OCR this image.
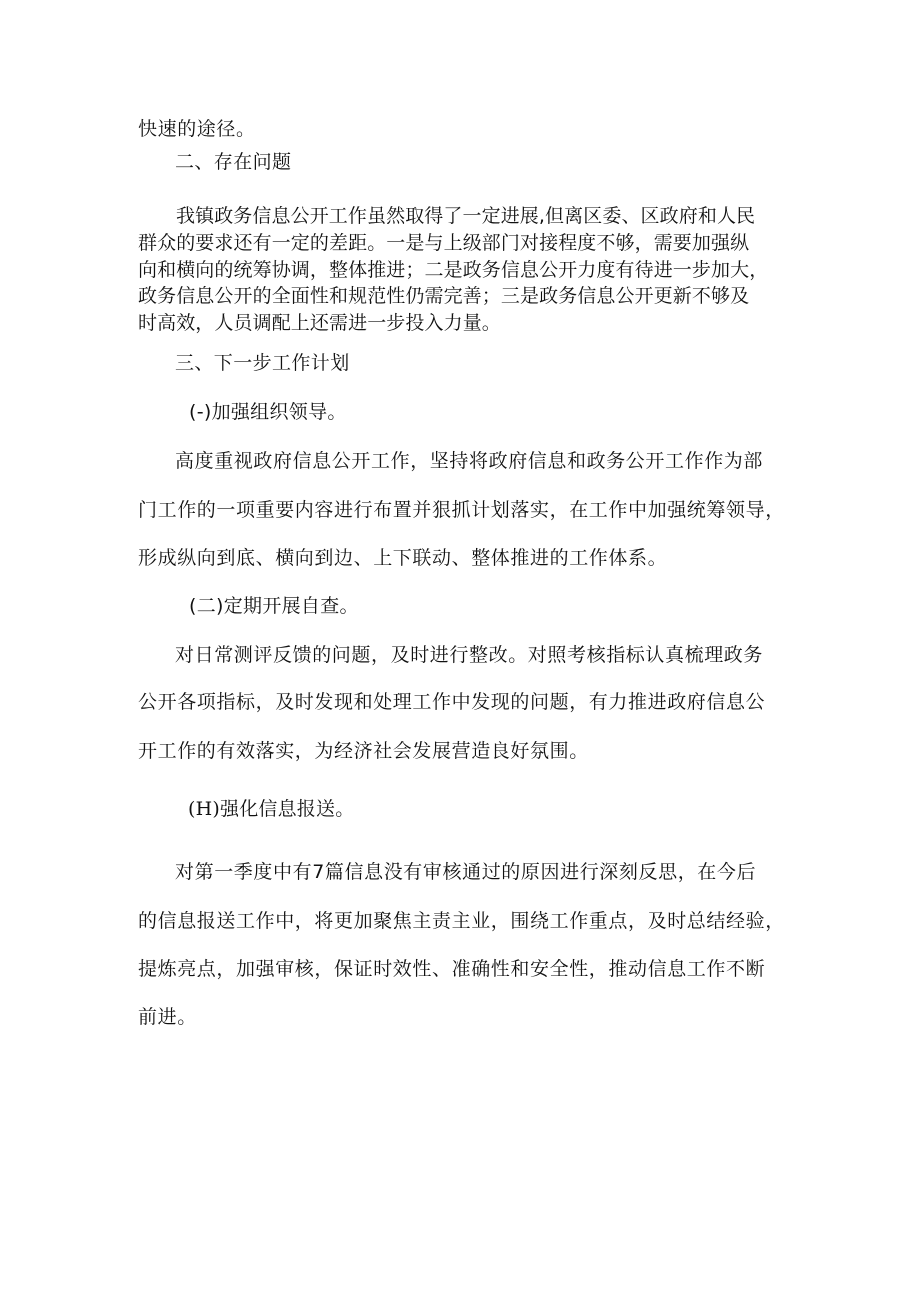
快速的途径。
二、存在问题
我镇政务信息公开工作虽然取得了一定进展,但离区委、区政府和人民
群众的要求还有一定的差距。一是与上级部门对接程度不够，需要加强纵
向和横向的统筹协调，整体推进；二是政务信息公开力度有待进一步加大，
政务信息公开的全面性和规范性仍需完善；三是政务信息公开更新不够及
时高效，人员调配上还需进一步投入力量。
三、下一步工作计划
(-)加强组织领导。
高度重视政府信息公开工作，坚持将政府信息和政务公开工作作为部
门工作的一项重要内容进行布置并狠抓计划落实，在工作中加强统筹领导，
形成纵向到底、横向到边、上下联动、整体推进的工作体系。
(二)定期开展自查。
对日常测评反馈的问题，及时进行整改。对照考核指标认真梳理政务
公开各项指标，及时发现和处理工作中发现的问题，有力推进政府信息公
开工作的有效落实，为经济社会发展营造良好氛围。
(H)强化信息报送。
对第一季度中有7篇信息没有审核通过的原因进行深刻反思，在今后
的信息报送工作中，将更加聚焦主责主业，围绕工作重点，及时总结经验，
提炼亮点，加强审核，保证时效性、准确性和安全性，推动信息工作不断
前进。
